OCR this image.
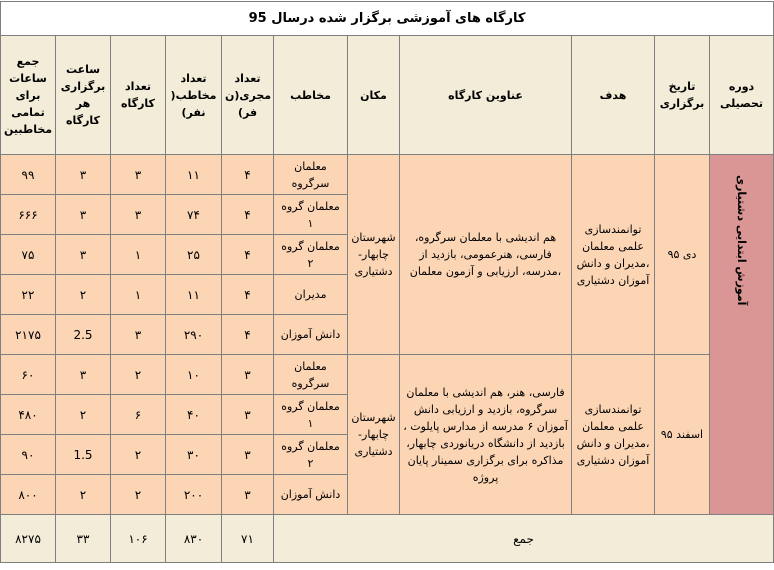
کارگاه های آموزشی برگزار شده درسال 95										

جمع ساعات برای تمامی مخاطبین	ساعت برگزاری هر کارگاه	تعداد کارگاه	تعداد مخاطب( نفر)	تعداد مجری(ن فر)	مخاطب	مکان	عناوین کارگاه	هدف	تاریخ برگزاری	دوره تحصیلی

۹۹	۳	۳	۱۱	۴	معلمان سرگروه	شهرستان چابهار- دشتیاری	هم اندیشی با معلمان سرگروه، فارسی، هنرعمومی، بازدید از مدرسه، ارزیابی و آزمون معلمان،	توانمندسازی علمی معلمان ،مدیران و دانش آموزان دشتیاری	دی ۹۵	آموزش ابتدایی دشتیاری
۶۶۶	۳	۳	۷۴	۴	معلمان گروه ۱					

۷۵	۳	۱	۲۵	۴	معلمان گروه ۲					

۲۲	۲	۱	۱۱	۴	مدیران					

۲۱۷۵	2.5	۳	۲۹۰	۴	دانش آموزان					

۶۰	۳	۲	۱۰	۳	معلمان سرگروه	شهرستان چابهار- دشتیاری	فارسی، هنر، هم اندیشی با معلمان سرگروه، بازدید و ارزیابی دانش آموزان ۶ مدرسه از مدارس پایلوت ، بازدید از دانشگاه دریانوردی چابهار، مذاکره برای برگزاری سمینار پایان پروژه	توانمندسازی علمی معلمان ،مدیران و دانش آموزان دشتیاری	اسفند ۹۵	
۴۸۰	۲	۶	۴۰	۳	معلمان گروه ۱					

۹۰	1.5	۲	۳۰	۳	معلمان گروه ۲					

۸۰۰	۲	۲	۲۰۰	۳	دانش آموزان					

۸۲۷۵	۳۳	۱۰۶	۸۳۰	۷۱	جمع					
